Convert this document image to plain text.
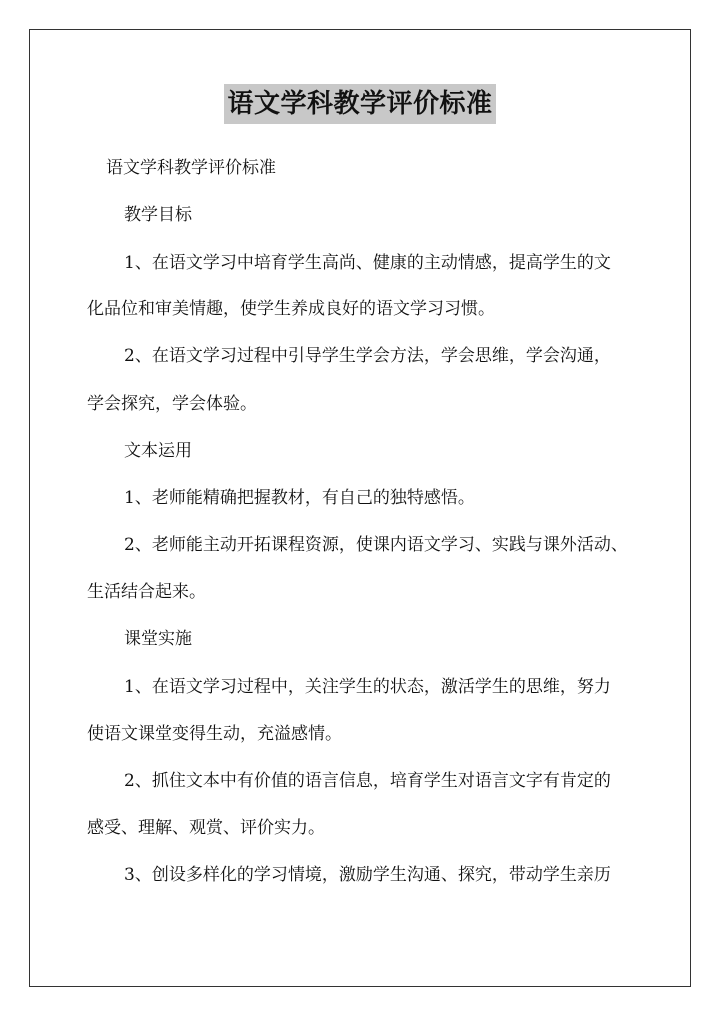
语文学科教学评价标准
语文学科教学评价标准
教学目标
1、在语文学习中培育学生高尚、健康的主动情感，提高学生的文
化品位和审美情趣，使学生养成良好的语文学习习惯。
2、在语文学习过程中引导学生学会方法，学会思维，学会沟通，
学会探究，学会体验。
文本运用
1、老师能精确把握教材，有自己的独特感悟。
2、老师能主动开拓课程资源，使课内语文学习、实践与课外活动、
生活结合起来。
课堂实施
1、在语文学习过程中，关注学生的状态，激活学生的思维，努力
使语文课堂变得生动，充溢感情。
2、抓住文本中有价值的语言信息，培育学生对语言文字有肯定的
感受、理解、观赏、评价实力。
3、创设多样化的学习情境，激励学生沟通、探究，带动学生亲历
